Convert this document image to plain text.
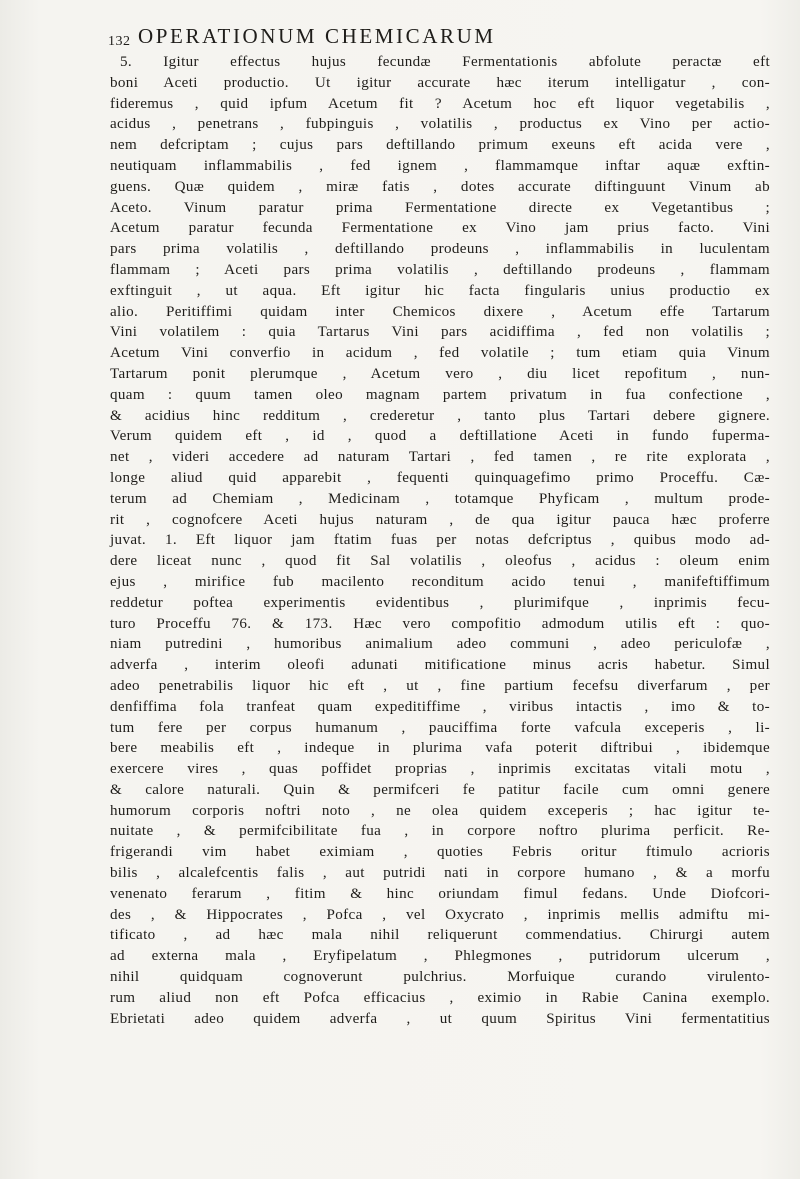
132 OPERATIONUM CHEMICARUM
5. Igitur effectus hujus fecundæ Fermentationis abfolute peractæ eft
boni Aceti productio. Ut igitur accurate hæc iterum intelligatur , con-
fideremus , quid ipfum Acetum fit ? Acetum hoc eft liquor vegetabilis ,
acidus , penetrans , fubpinguis , volatilis , productus ex Vino per actio-
nem defcriptam ; cujus pars deftillando primum exeuns eft acida vere ,
neutiquam inflammabilis , fed ignem , flammamque inftar aquæ exftin-
guens. Quæ quidem , miræ fatis , dotes accurate diftinguunt Vinum ab
Aceto. Vinum paratur prima Fermentatione directe ex Vegetantibus ;
Acetum paratur fecunda Fermentatione ex Vino jam prius facto. Vini
pars prima volatilis , deftillando prodeuns , inflammabilis in luculentam
flammam ; Aceti pars prima volatilis , deftillando prodeuns , flammam
exftinguit , ut aqua. Eft igitur hic facta fingularis unius productio ex
alio. Peritiffimi quidam inter Chemicos dixere , Acetum effe Tartarum
Vini volatilem : quia Tartarus Vini pars acidiffima , fed non volatilis ;
Acetum Vini converfio in acidum , fed volatile ; tum etiam quia Vinum
Tartarum ponit plerumque , Acetum vero , diu licet repofitum , nun-
quam : quum tamen oleo magnam partem privatum in fua confectione ,
& acidius hinc redditum , crederetur , tanto plus Tartari debere gignere.
Verum quidem eft , id , quod a deftillatione Aceti in fundo fuperma-
net , videri accedere ad naturam Tartari , fed tamen , re rite explorata ,
longe aliud quid apparebit , fequenti quinquagefimo primo Proceffu. Cæ-
terum ad Chemiam , Medicinam , totamque Phyficam , multum prode-
rit , cognofcere Aceti hujus naturam , de qua igitur pauca hæc proferre
juvat. 1. Eft liquor jam ftatim fuas per notas defcriptus , quibus modo ad-
dere liceat nunc , quod fit Sal volatilis , oleofus , acidus : oleum enim
ejus , mirifice fub macilento reconditum acido tenui , manifeftiffimum
reddetur poftea experimentis evidentibus , plurimifque , inprimis fecu-
turo Proceffu 76. & 173. Hæc vero compofitio admodum utilis eft : quo-
niam putredini , humoribus animalium adeo communi , adeo periculofæ ,
adverfa , interim oleofi adunati mitificatione minus acris habetur. Simul
adeo penetrabilis liquor hic eft , ut , fine partium fecefsu diverfarum , per
denfiffima fola tranfeat quam expeditiffime , viribus intactis , imo & to-
tum fere per corpus humanum , pauciffima forte vafcula exceperis , li-
bere meabilis eft , indeque in plurima vafa poterit diftribui , ibidemque
exercere vires , quas poffidet proprias , inprimis excitatas vitali motu ,
& calore naturali. Quin & permifceri fe patitur facile cum omni genere
humorum corporis noftri noto , ne olea quidem exceperis ; hac igitur te-
nuitate , & permifcibilitate fua , in corpore noftro plurima perficit. Re-
frigerandi vim habet eximiam , quoties Febris oritur ftimulo acrioris
bilis , alcalefcentis falis , aut putridi nati in corpore humano , & a morfu
venenato ferarum , fitim & hinc oriundam fimul fedans. Unde Diofcori-
des , & Hippocrates , Pofca , vel Oxycrato , inprimis mellis admiftu mi-
tificato , ad hæc mala nihil reliquerunt commendatius. Chirurgi autem
ad externa mala , Eryfipelatum , Phlegmones , putridorum ulcerum ,
nihil quidquam cognoverunt pulchrius. Morfuique curando virulento-
rum aliud non eft Pofca efficacius , eximio in Rabie Canina exemplo.
Ebrietati adeo quidem adverfa , ut quum Spiritus Vini fermentatitius
